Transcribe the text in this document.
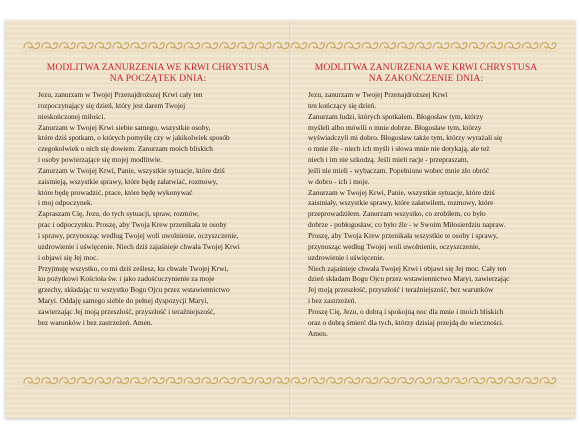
MODLITWA ZANURZENIA WE KRWI CHRYSTUSA
NA POCZĄTEK DNIA:

Jezu, zanurzam w Twojej Przenajdroższej Krwi cały ten
rozpoczynający się dzień, który jest darem Twojej
nieskończonej miłości.
Zanurzam w Twojej Krwi siebie samego, wszystkie osoby,
które dziś spotkam, o których pomyślę czy w jakikolwiek sposób
czegokolwiek o nich się dowiem. Zanurzam moich bliskich
i osoby powierzające się mojej modlitwie.
Zanurzam w Twojej Krwi, Panie, wszystkie sytuacje, które dziś
zaistnieją, wszystkie sprawy, które będę załatwiać, rozmowy,
które będę prowadzić, prace, które będę wykonywać
i moj odpoczynek.
Zapraszam Cię, Jezu, do tych sytuacji, spraw, rozmów,
prac i odpoczynku. Proszę, aby Twoja Krew przenikała te osoby
i sprawy, przynosząc według Twojej woli uwolnienie, oczyszczenie,
uzdrowienie i uświęcenie. Niech dziś zajaśnieje chwała Twojej Krwi
i objawi się Jej moc.
Przyjmuję wszystko, co mi dziś ześlesz, ku chwale Twojej Krwi,
ku pożytkowi Kościoła św. i jako zadośćuczynienie za moje
grzechy, składając to wszystko Bogu Ojcu przez wstawiennictwo
Maryi. Oddaję samego siebie do pełnej dyspozycji Maryi,
zawierzając Jej moją przeszłość, przyszłość i teraźniejszość,
bez warunków i bez zastrzeżeń. Amen.

MODLITWA ZANURZENIA WE KRWI CHRYSTUSA
NA ZAKOŃCZENIE DNIA:

Jezu, zanurzam w Twojej Przenajdroższej Krwi
ten kończący się dzień.
Zanurzam ludzi, których spotkałem. Błogosław tym, którzy
myśleli albo mówili o mnie dobrze. Błogosław tym, którzy
wyświadczyli mi dobro. Błogosław także tym, którzy wyrażali się
o mnie źle - niech ich myśli i słowa mnie nie dotykają, ale też
niech i im nie szkodzą. Jeśli mieli racje - przepraszam,
jeśli nie mieli - wybaczam. Popełnione wobec mnie zło obróć
w dobro - ich i moje.
Zanurzam w Twojej Krwi, Panie, wszystkie sytuacje, które dziś
zaistniały, wszystkie sprawy, które załatwiłem, rozmowy, które
przeprowadziłem. Zanurzam wszystko, co zrobiłem, co było
dobrze - pobłogosław, co było źle - w Swoim Miłosierdziu napraw.
Proszę, aby Twoja Krew przenikała wszystkie te osoby i sprawy,
przynosząc według Twojej woli uwolnienie, oczyszczenie,
uzdrowienie i uświęcenie.
Niech zajaśnieje chwała Twojej Krwi i objawi się Jej moc. Cały ten
dzień składam Bogu Ojcu przez wstawiennictwo Maryi, zawierzając
Jej moją przeszłość, przyszłość i teraźniejszość, bez warunków
i bez zastrzeżeń.
Proszę Cię, Jezu, o dobrą i spokojną noc dla mnie i moich bliskich
oraz o dobrą śmierć dla tych, którzy dzisiaj przejdą do wieczności.
Amen.
